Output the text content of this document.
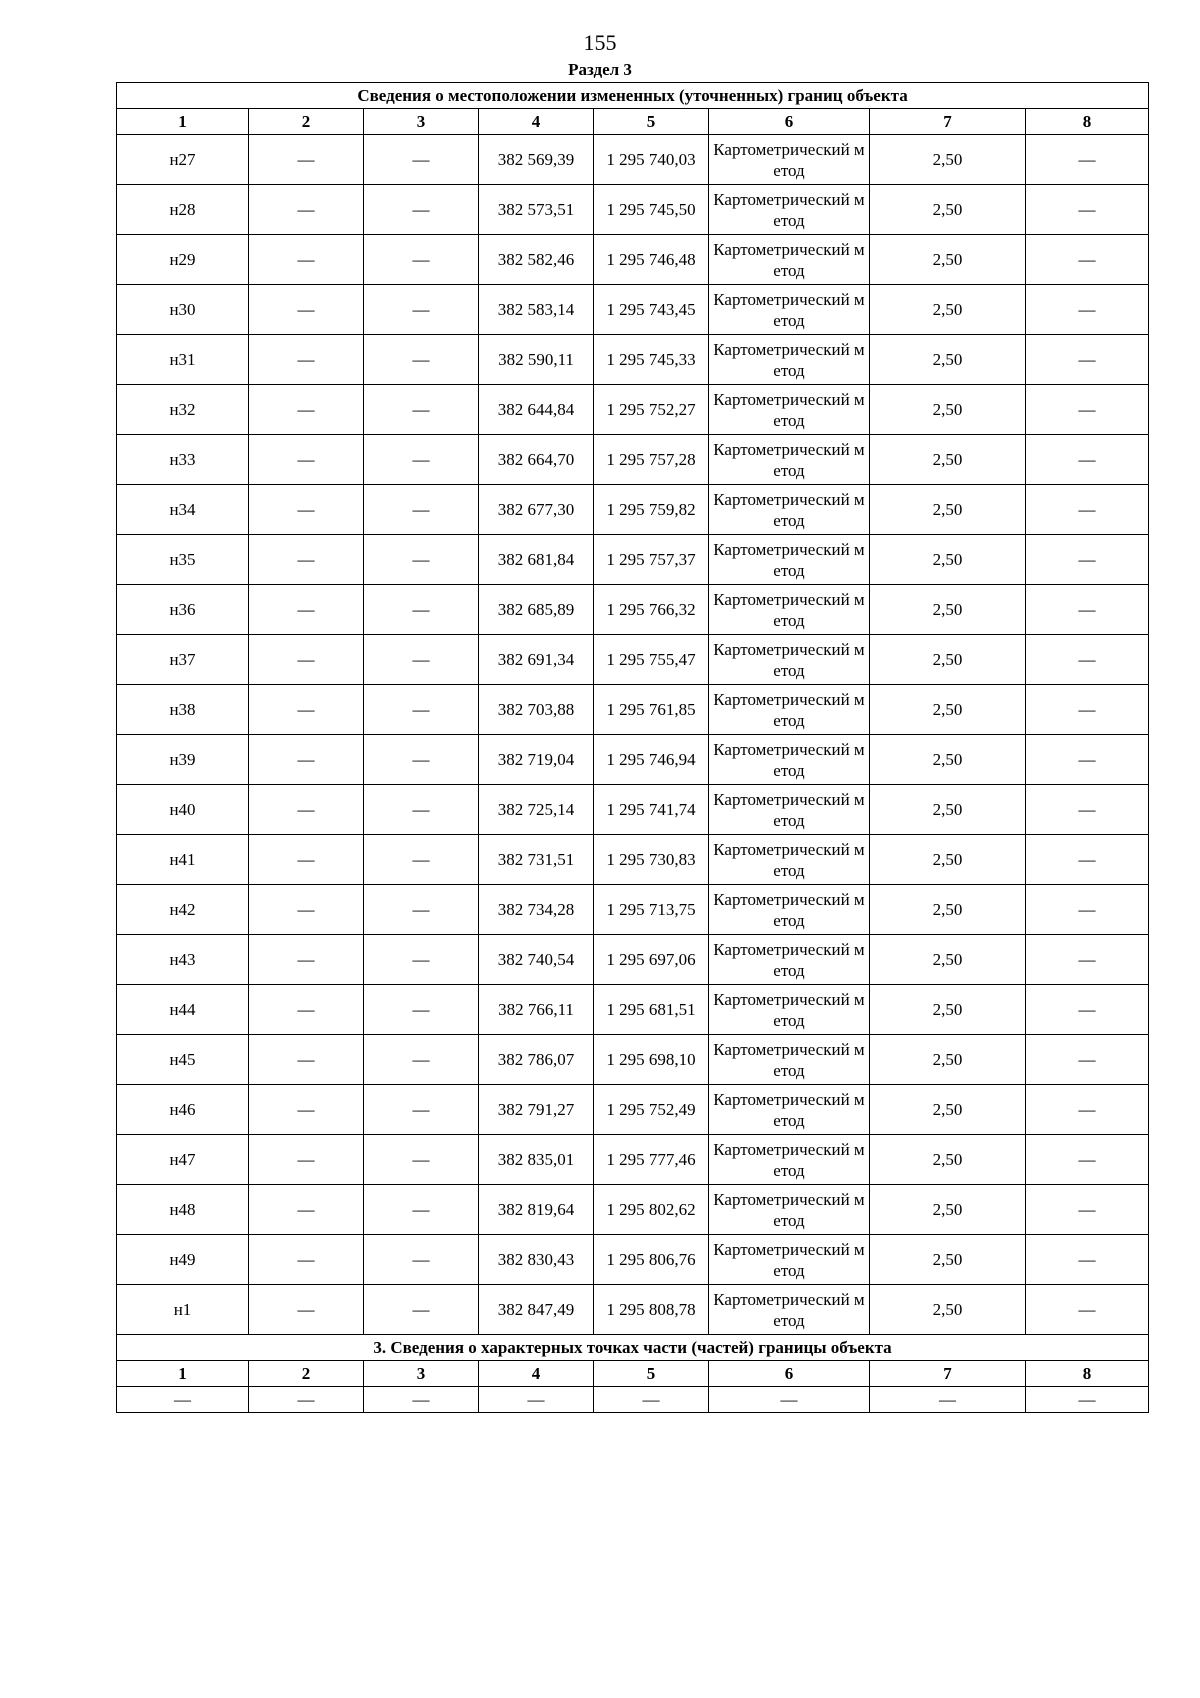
155
Раздел 3
Сведения о местоположении измененных (уточненных) границ объекта							
1	2	3	4	5	6	7	8
н27	—	—	382 569,39	1 295 740,03	Картометрический метод	2,50	—
н28	—	—	382 573,51	1 295 745,50	Картометрический метод	2,50	—
н29	—	—	382 582,46	1 295 746,48	Картометрический метод	2,50	—
н30	—	—	382 583,14	1 295 743,45	Картометрический метод	2,50	—
н31	—	—	382 590,11	1 295 745,33	Картометрический метод	2,50	—
н32	—	—	382 644,84	1 295 752,27	Картометрический метод	2,50	—
н33	—	—	382 664,70	1 295 757,28	Картометрический метод	2,50	—
н34	—	—	382 677,30	1 295 759,82	Картометрический метод	2,50	—
н35	—	—	382 681,84	1 295 757,37	Картометрический метод	2,50	—
н36	—	—	382 685,89	1 295 766,32	Картометрический метод	2,50	—
н37	—	—	382 691,34	1 295 755,47	Картометрический метод	2,50	—
н38	—	—	382 703,88	1 295 761,85	Картометрический метод	2,50	—
н39	—	—	382 719,04	1 295 746,94	Картометрический метод	2,50	—
н40	—	—	382 725,14	1 295 741,74	Картометрический метод	2,50	—
н41	—	—	382 731,51	1 295 730,83	Картометрический метод	2,50	—
н42	—	—	382 734,28	1 295 713,75	Картометрический метод	2,50	—
н43	—	—	382 740,54	1 295 697,06	Картометрический метод	2,50	—
н44	—	—	382 766,11	1 295 681,51	Картометрический метод	2,50	—
н45	—	—	382 786,07	1 295 698,10	Картометрический метод	2,50	—
н46	—	—	382 791,27	1 295 752,49	Картометрический метод	2,50	—
н47	—	—	382 835,01	1 295 777,46	Картометрический метод	2,50	—
н48	—	—	382 819,64	1 295 802,62	Картометрический метод	2,50	—
н49	—	—	382 830,43	1 295 806,76	Картометрический метод	2,50	—
н1	—	—	382 847,49	1 295 808,78	Картометрический метод	2,50	—
3. Сведения о характерных точках части (частей) границы объекта							
1	2	3	4	5	6	7	8
—	—	—	—	—	—	—	—
